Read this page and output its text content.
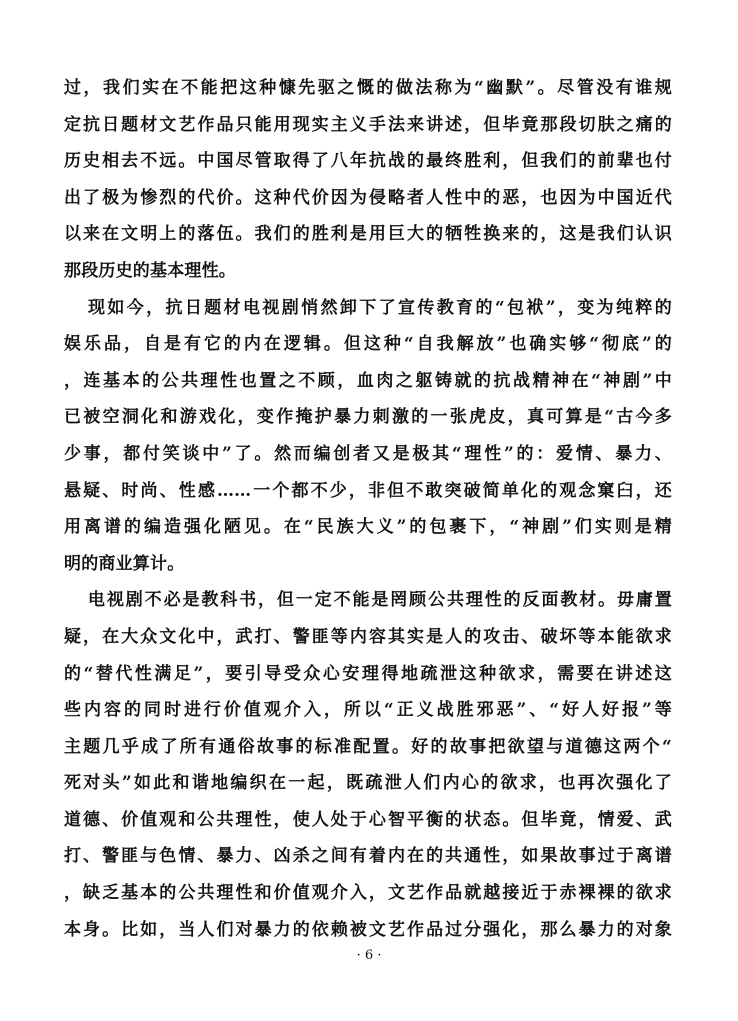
过，我们实在不能把这种慷先驱之慨的做法称为“幽默”。尽管没有谁规
定抗日题材文艺作品只能用现实主义手法来讲述，但毕竟那段切肤之痛的
历史相去不远。中国尽管取得了八年抗战的最终胜利，但我们的前辈也付
出了极为惨烈的代价。这种代价因为侵略者人性中的恶，也因为中国近代
以来在文明上的落伍。我们的胜利是用巨大的牺牲换来的，这是我们认识
那段历史的基本理性。
现如今，抗日题材电视剧悄然卸下了宣传教育的“包袱”，变为纯粹的
娱乐品，自是有它的内在逻辑。但这种“自我解放”也确实够“彻底”的
，连基本的公共理性也置之不顾，血肉之躯铸就的抗战精神在“神剧”中
已被空洞化和游戏化，变作掩护暴力刺激的一张虎皮，真可算是“古今多
少事，都付笑谈中”了。然而编创者又是极其“理性”的：爱情、暴力、
悬疑、时尚、性感……一个都不少，非但不敢突破简单化的观念窠臼，还
用离谱的编造强化陋见。在“民族大义”的包裹下，“神剧”们实则是精
明的商业算计。
电视剧不必是教科书，但一定不能是罔顾公共理性的反面教材。毋庸置
疑，在大众文化中，武打、警匪等内容其实是人的攻击、破坏等本能欲求
的“替代性满足”，要引导受众心安理得地疏泄这种欲求，需要在讲述这
些内容的同时进行价值观介入，所以“正义战胜邪恶”、“好人好报”等
主题几乎成了所有通俗故事的标准配置。好的故事把欲望与道德这两个“
死对头”如此和谐地编织在一起，既疏泄人们内心的欲求，也再次强化了
道德、价值观和公共理性，使人处于心智平衡的状态。但毕竟，情爱、武
打、警匪与色情、暴力、凶杀之间有着内在的共通性，如果故事过于离谱
，缺乏基本的公共理性和价值观介入，文艺作品就越接近于赤裸裸的欲求
本身。比如，当人们对暴力的依赖被文艺作品过分强化，那么暴力的对象
· 6 ·
